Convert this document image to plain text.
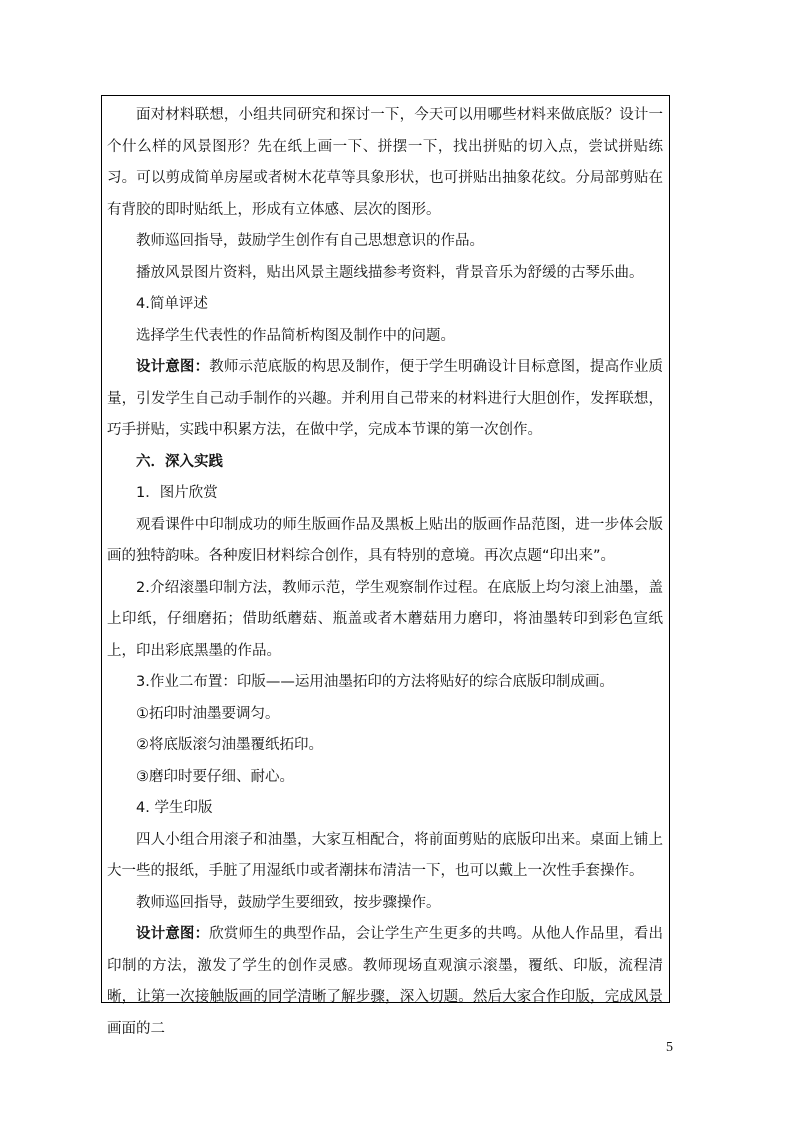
面对材料联想，小组共同研究和探讨一下，今天可以用哪些材料来做底版？设计一个什么样的风景图形？先在纸上画一下、拼摆一下，找出拼贴的切入点，尝试拼贴练习。可以剪成简单房屋或者树木花草等具象形状，也可拼贴出抽象花纹。分局部剪贴在有背胶的即时贴纸上，形成有立体感、层次的图形。

教师巡回指导，鼓励学生创作有自己思想意识的作品。

播放风景图片资料，贴出风景主题线描参考资料，背景音乐为舒缓的古琴乐曲。

4.简单评述

选择学生代表性的作品简析构图及制作中的问题。

设计意图：教师示范底版的构思及制作，便于学生明确设计目标意图，提高作业质量，引发学生自己动手制作的兴趣。并利用自己带来的材料进行大胆创作，发挥联想，巧手拼贴，实践中积累方法，在做中学，完成本节课的第一次创作。

六．深入实践

1．图片欣赏

观看课件中印制成功的师生版画作品及黑板上贴出的版画作品范图，进一步体会版画的独特韵味。各种废旧材料综合创作，具有特别的意境。再次点题“印出来”。

2.介绍滚墨印制方法，教师示范，学生观察制作过程。在底版上均匀滚上油墨，盖上印纸，仔细磨拓；借助纸蘑菇、瓶盖或者木蘑菇用力磨印，将油墨转印到彩色宣纸上，印出彩底黑墨的作品。

3.作业二布置：印版——运用油墨拓印的方法将贴好的综合底版印制成画。

①拓印时油墨要调匀。

②将底版滚匀油墨覆纸拓印。

③磨印时要仔细、耐心。

4. 学生印版

四人小组合用滚子和油墨，大家互相配合，将前面剪贴的底版印出来。桌面上铺上大一些的报纸，手脏了用湿纸巾或者潮抹布清洁一下，也可以戴上一次性手套操作。

教师巡回指导，鼓励学生要细致，按步骤操作。

设计意图：欣赏师生的典型作品，会让学生产生更多的共鸣。从他人作品里，看出印制的方法，激发了学生的创作灵感。教师现场直观演示滚墨，覆纸、印版，流程清晰，让第一次接触版画的同学清晰了解步骤，深入切题。然后大家合作印版，完成风景画面的二

5
